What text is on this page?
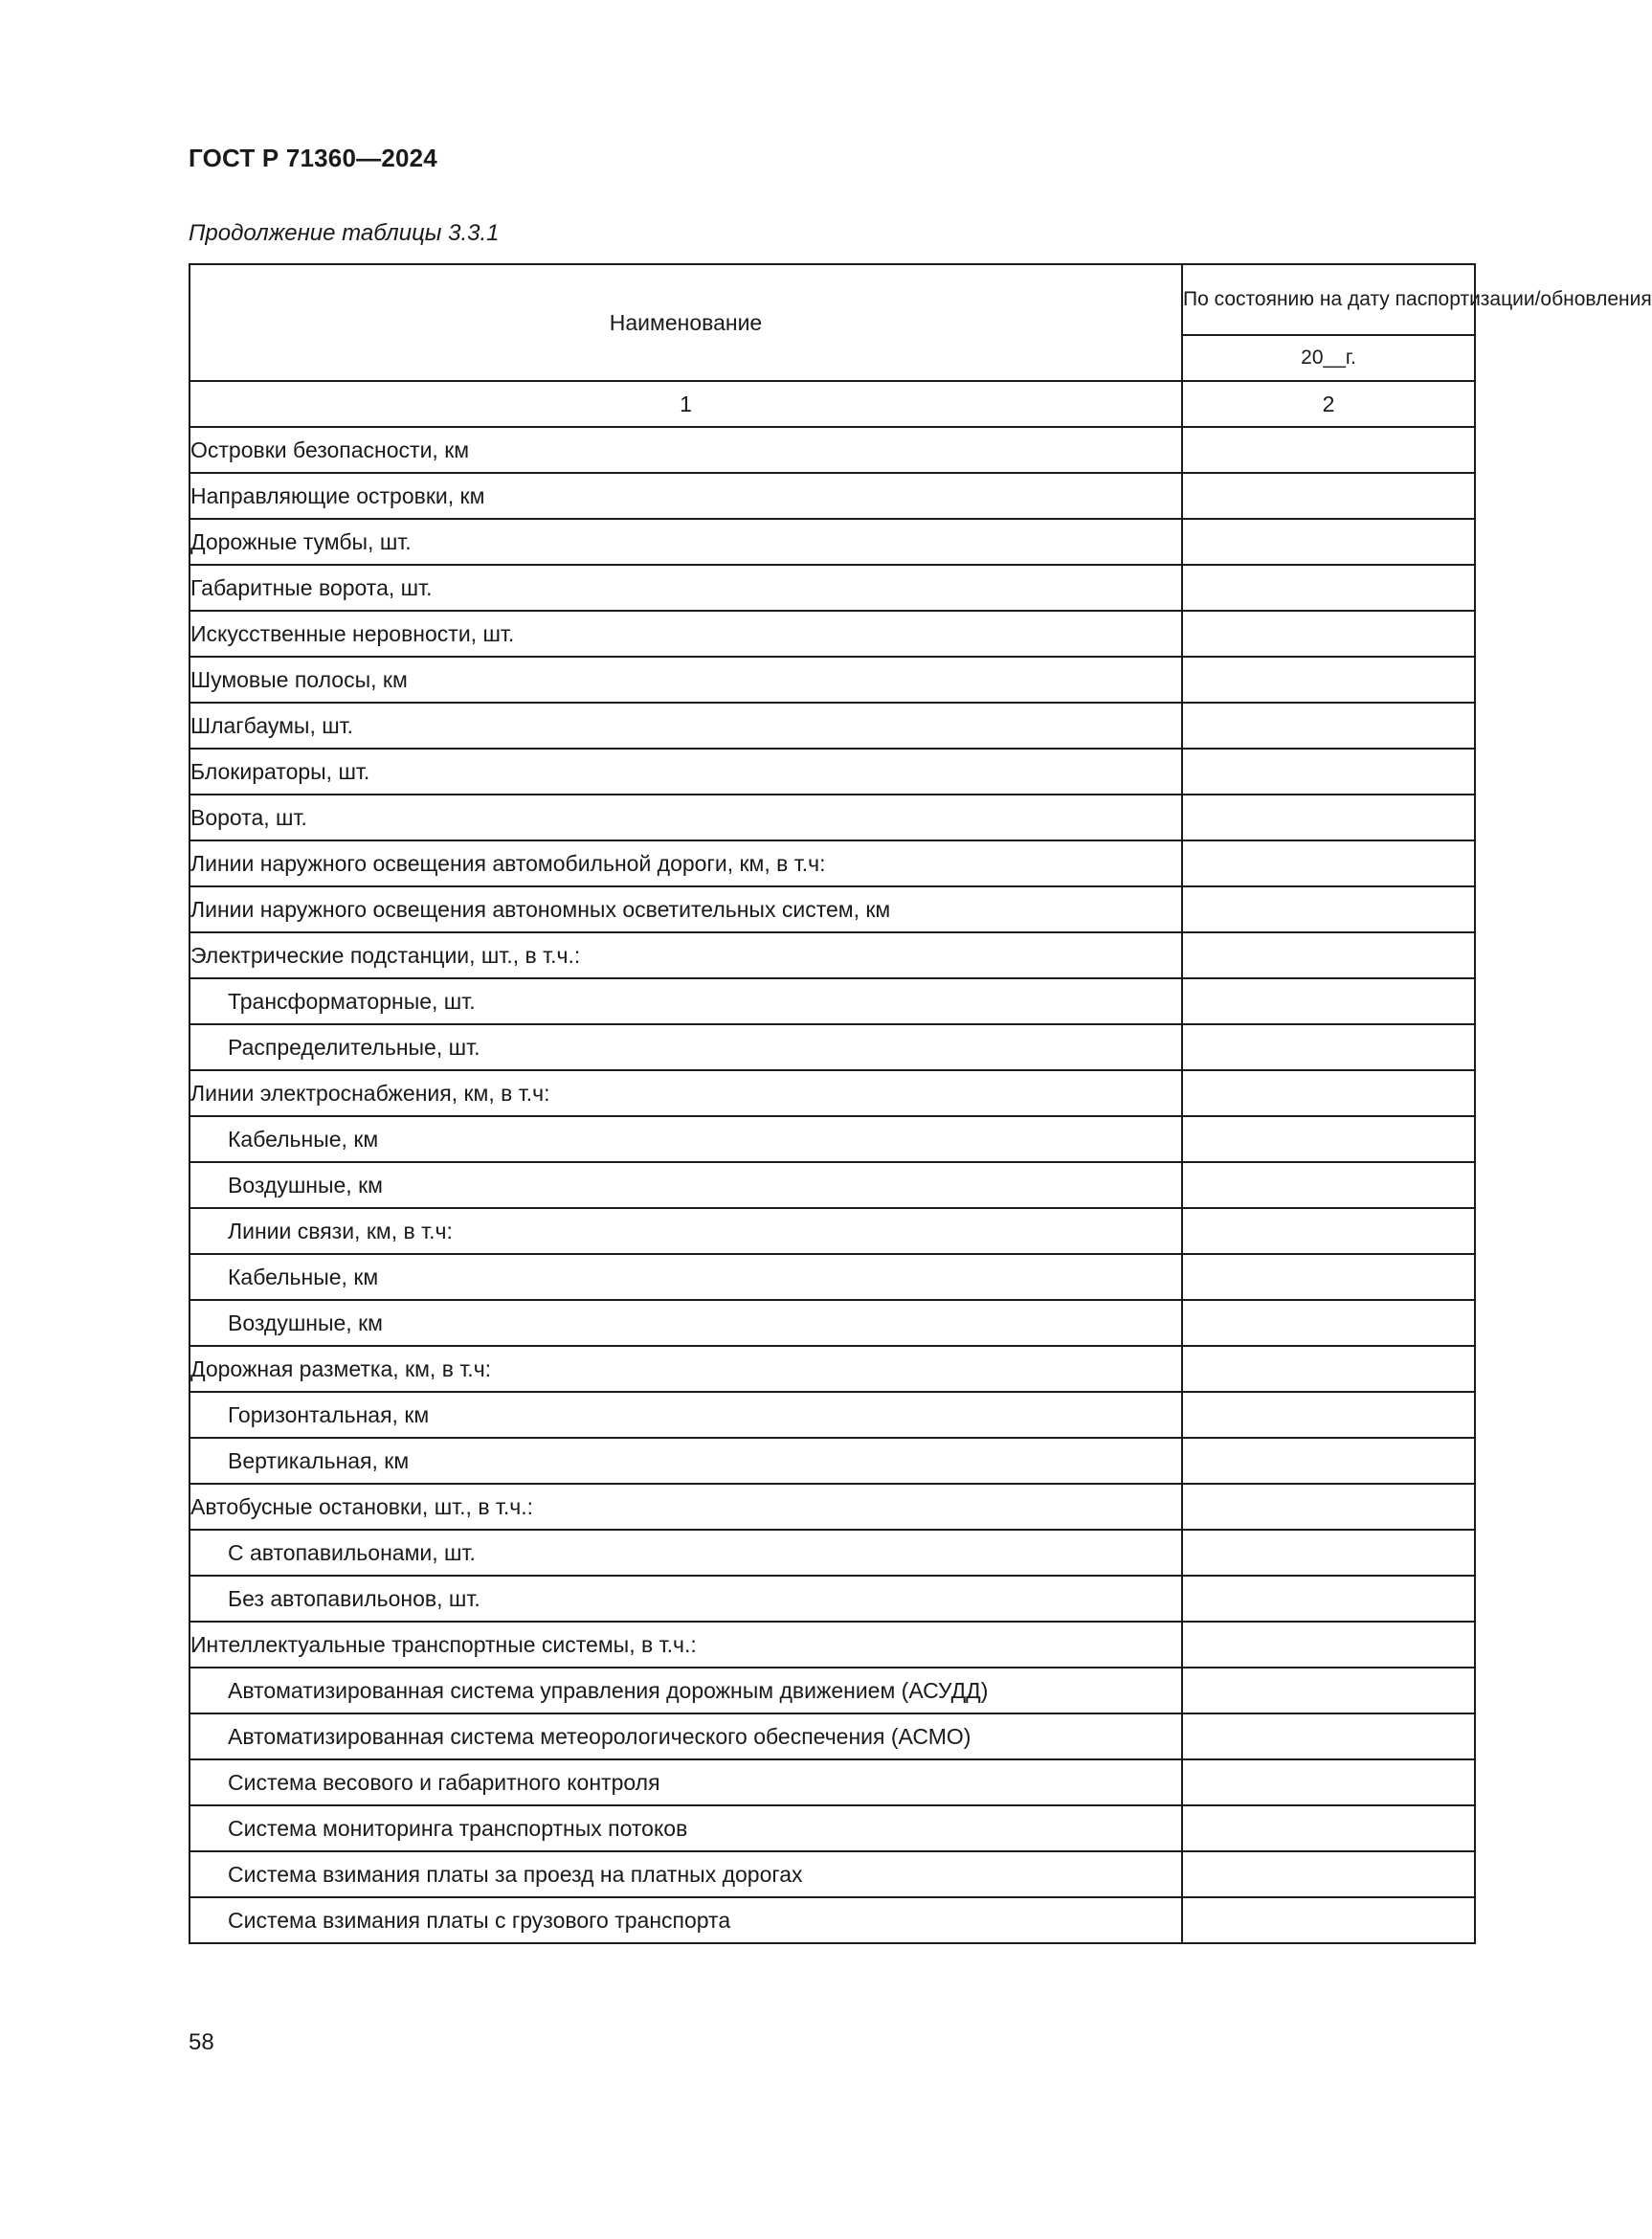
ГОСТ Р 71360—2024
Продолжение таблицы 3.3.1
Наименование	По состоянию на дату паспортизации/обновления
	20__г.
1	2
Островки безопасности, км	
Направляющие островки, км	
Дорожные тумбы, шт.	
Габаритные ворота, шт.	
Искусственные неровности, шт.	
Шумовые полосы, км	
Шлагбаумы, шт.	
Блокираторы, шт.	
Ворота, шт.	
Линии наружного освещения автомобильной дороги, км, в т.ч:	
Линии наружного освещения автономных осветительных систем, км	
Электрические подстанции, шт., в т.ч.:	
Трансформаторные, шт.	
Распределительные, шт.	
Линии электроснабжения, км, в т.ч:	
Кабельные, км	
Воздушные, км	
Линии связи, км, в т.ч:	
Кабельные, км	
Воздушные, км	
Дорожная разметка, км, в т.ч:	
Горизонтальная, км	
Вертикальная, км	
Автобусные остановки, шт., в т.ч.:	
С автопавильонами, шт.	
Без автопавильонов, шт.	
Интеллектуальные транспортные системы, в т.ч.:	
Автоматизированная система управления дорожным движением (АСУДД)	
Автоматизированная система метеорологического обеспечения (АСМО)	
Система весового и габаритного контроля	
Система мониторинга транспортных потоков	
Система взимания платы за проезд на платных дорогах	
Система взимания платы с грузового транспорта	
58
